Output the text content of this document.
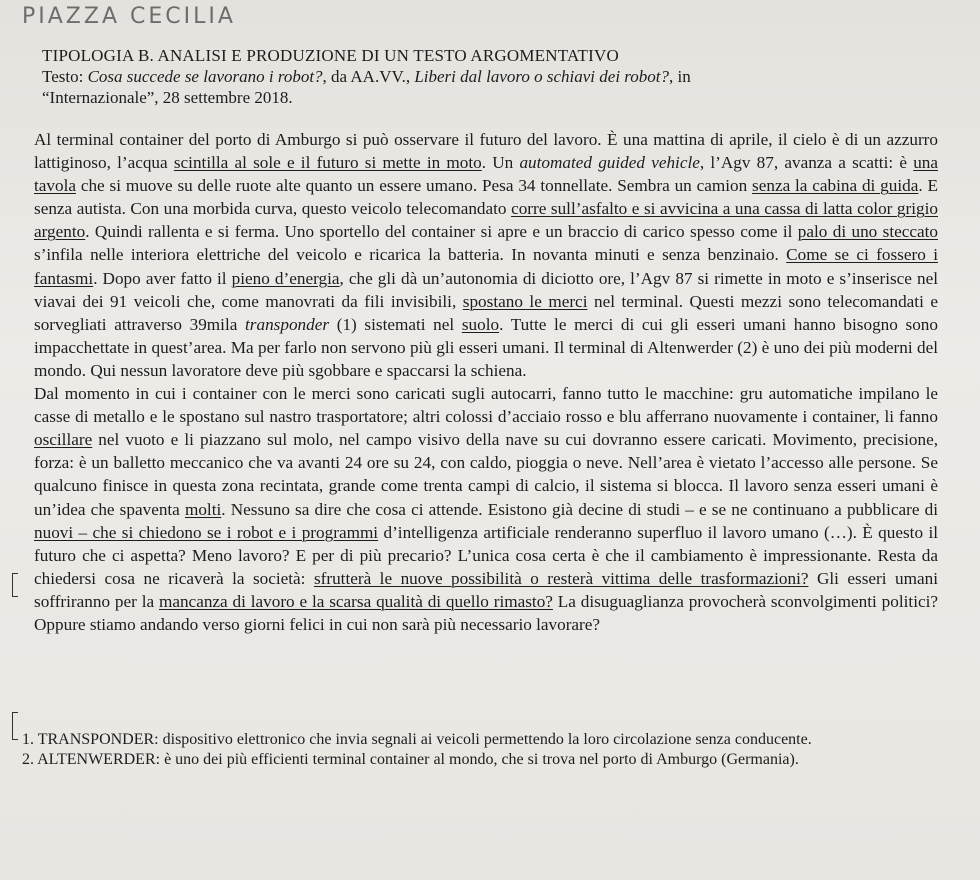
PIAZZA CECILIA
TIPOLOGIA B. ANALISI E PRODUZIONE DI UN TESTO ARGOMENTATIVO
Testo: Cosa succede se lavorano i robot?, da AA.VV., Liberi dal lavoro o schiavi dei robot?, in
“Internazionale”, 28 settembre 2018.

Al terminal container del porto di Amburgo si può osservare il futuro del lavoro. È una mattina di aprile, il cielo è di un azzurro lattiginoso, l’acqua scintilla al sole e il futuro si mette in moto. Un automated guided vehicle, l’Agv 87, avanza a scatti: è una tavola che si muove su delle ruote alte quanto un essere umano. Pesa 34 tonnellate. Sembra un camion senza la cabina di guida. E senza autista. Con una morbida curva, questo veicolo telecomandato corre sull’asfalto e si avvicina a una cassa di latta color grigio argento. Quindi rallenta e si ferma. Uno sportello del container si apre e un braccio di carico spesso come il palo di uno steccato s’infila nelle interiora elettriche del veicolo e ricarica la batteria. In novanta minuti e senza benzinaio. Come se ci fossero i fantasmi. Dopo aver fatto il pieno d’energia, che gli dà un’autonomia di diciotto ore, l’Agv 87 si rimette in moto e s’inserisce nel viavai dei 91 veicoli che, come manovrati da fili invisibili, spostano le merci nel terminal. Questi mezzi sono telecomandati e sorvegliati attraverso 39mila transponder (1) sistemati nel suolo. Tutte le merci di cui gli esseri umani hanno bisogno sono impacchettate in quest’area. Ma per farlo non servono più gli esseri umani. Il terminal di Altenwerder (2) è uno dei più moderni del mondo. Qui nessun lavoratore deve più sgobbare e spaccarsi la schiena.

Dal momento in cui i container con le merci sono caricati sugli autocarri, fanno tutto le macchine: gru automatiche impilano le casse di metallo e le spostano sul nastro trasportatore; altri colossi d’acciaio rosso e blu afferrano nuovamente i container, li fanno oscillare nel vuoto e li piazzano sul molo, nel campo visivo della nave su cui dovranno essere caricati. Movimento, precisione, forza: è un balletto meccanico che va avanti 24 ore su 24, con caldo, pioggia o neve. Nell’area è vietato l’accesso alle persone. Se qualcuno finisce in questa zona recintata, grande come trenta campi di calcio, il sistema si blocca. Il lavoro senza esseri umani è un’idea che spaventa molti. Nessuno sa dire che cosa ci attende. Esistono già decine di studi – e se ne continuano a pubblicare di nuovi – che si chiedono se i robot e i programmi d’intelligenza artificiale renderanno superfluo il lavoro umano (…). È questo il futuro che ci aspetta? Meno lavoro? E per di più precario? L’unica cosa certa è che il cambiamento è impressionante. Resta da chiedersi cosa ne ricaverà la società: sfrutterà le nuove possibilità o resterà vittima delle trasformazioni? Gli esseri umani soffriranno per la mancanza di lavoro e la scarsa qualità di quello rimasto? La disuguaglianza provocherà sconvolgimenti politici? Oppure stiamo andando verso giorni felici in cui non sarà più necessario lavorare?

1. TRANSPONDER: dispositivo elettronico che invia segnali ai veicoli permettendo la loro circolazione senza conducente.

2. ALTENWERDER: è uno dei più efficienti terminal container al mondo, che si trova nel porto di Amburgo (Germania).
